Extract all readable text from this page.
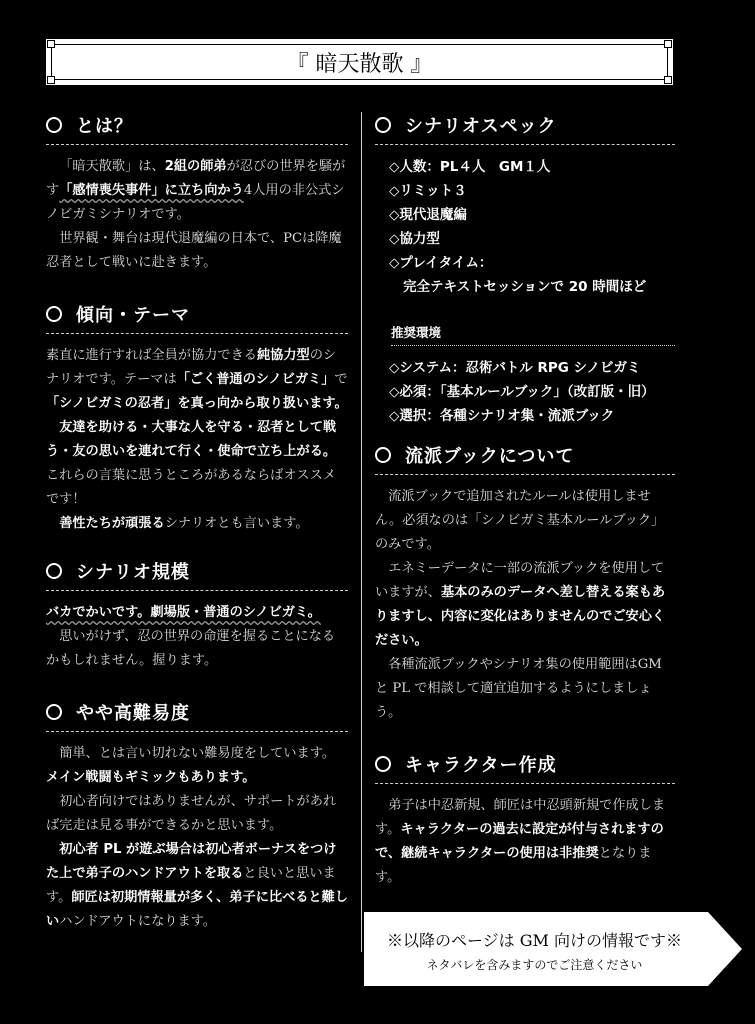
『 暗天散歌 』
とは？

「暗天散歌」は、2組の師弟が忍びの世界を騒がす「感情喪失事件」に立ち向かう4人用の非公式シノビガミシナリオです。

世界観・舞台は現代退魔編の日本で、PCは降魔忍者として戦いに赴きます。

傾向・テーマ

素直に進行すれば全員が協力できる純協力型のシナリオです。テーマは「ごく普通のシノビガミ」で「シノビガミの忍者」を真っ向から取り扱います。

友達を助ける・大事な人を守る・忍者として戦う・友の思いを連れて行く・使命で立ち上がる。これらの言葉に思うところがあるならばオススメです！

善性たちが頑張るシナリオとも言います。

シナリオ規模

バカでかいです。劇場版・普通のシノビガミ。

思いがけず、忍の世界の命運を握ることになるかもしれません。握ります。

やや高難易度

簡単、とは言い切れない難易度をしています。メイン戦闘もギミックもあります。

初心者向けではありませんが、サポートがあれば完走は見る事ができるかと思います。

初心者 PL が遊ぶ場合は初心者ボーナスをつけた上で弟子のハンドアウトを取ると良いと思います。師匠は初期情報量が多く、弟子に比べると難しいハンドアウトになります。

シナリオスペック
◇人数：PL４人　GM１人
◇リミット３
◇現代退魔編
◇協力型
◇プレイタイム：
完全テキストセッションで 20 時間ほど
推奨環境
◇システム：忍術バトル RPG シノビガミ
◇必須：「基本ルールブック」（改訂版・旧）
◇選択：各種シナリオ集・流派ブック
流派ブックについて

流派ブックで追加されたルールは使用しません。必須なのは「シノビガミ基本ルールブック」のみです。

エネミーデータに一部の流派ブックを使用していますが、基本のみのデータへ差し替える案もありますし、内容に変化はありませんのでご安心ください。

各種流派ブックやシナリオ集の使用範囲はGM と PL で相談して適宜追加するようにしましょう。

キャラクター作成

弟子は中忍新規、師匠は中忍頭新規で作成します。キャラクターの過去に設定が付与されますので、継続キャラクターの使用は非推奨となります。

※以降のページは GM 向けの情報です※
ネタバレを含みますのでご注意ください
